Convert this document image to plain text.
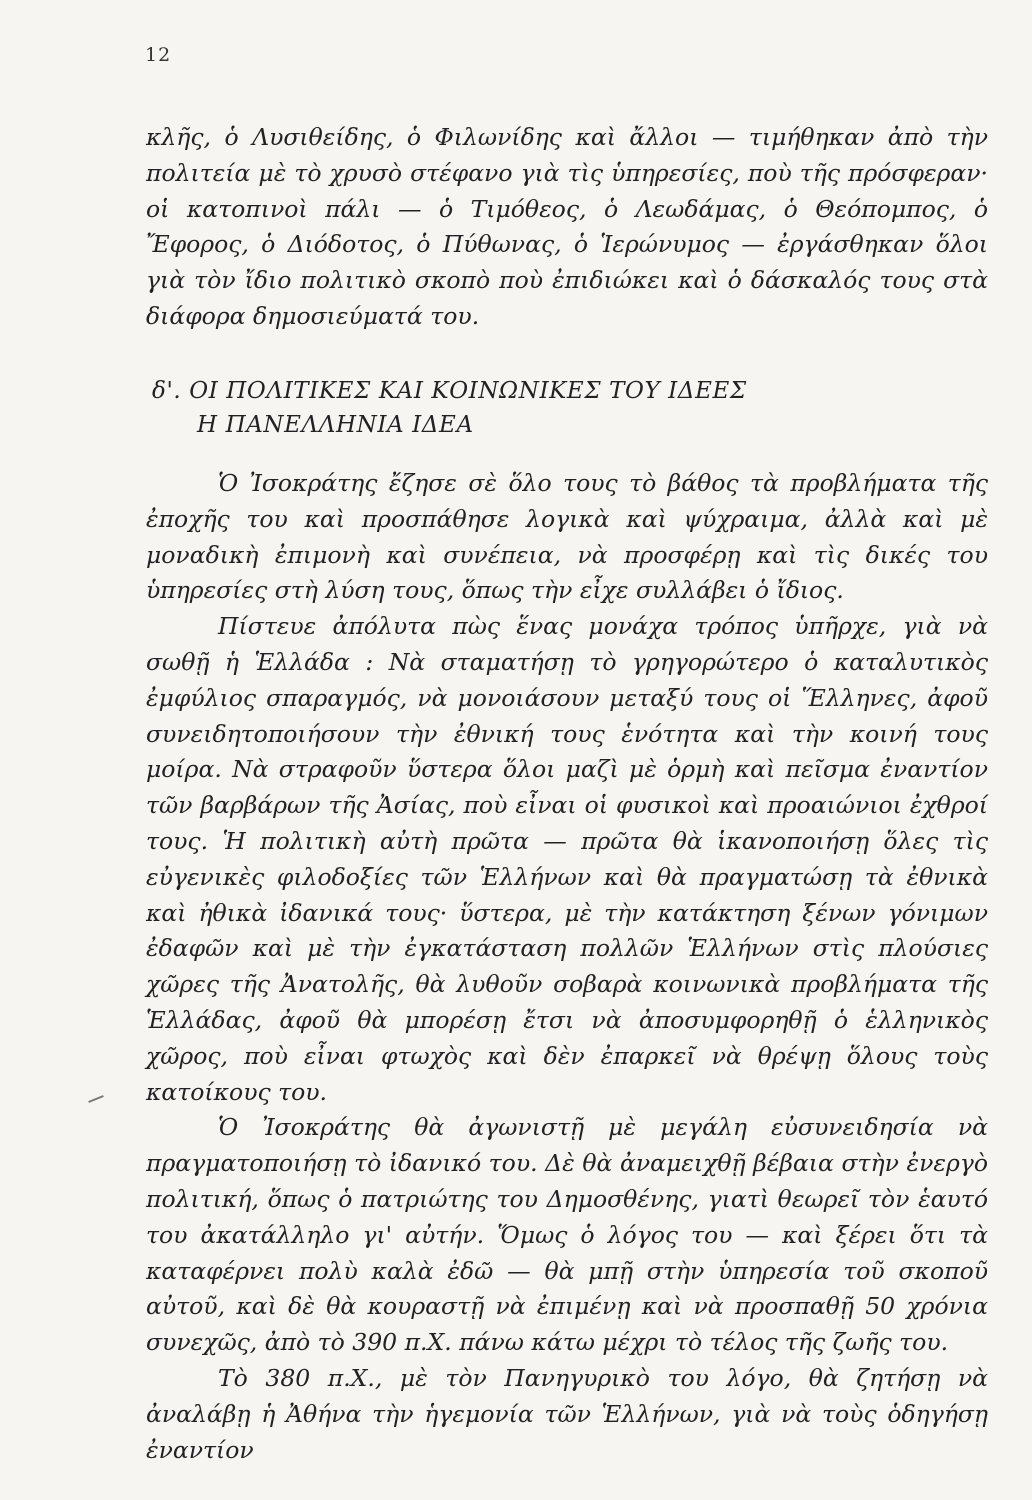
12

κλῆς, ὁ Λυσιθείδης, ὁ Φιλωνίδης καὶ ἄλλοι — τιμήθηκαν ἀπὸ τὴν πολιτεία μὲ τὸ χρυσὸ στέφανο γιὰ τὶς ὑπηρεσίες, ποὺ τῆς πρόσφεραν· οἱ κατοπινοὶ πάλι — ὁ Τιμόθεος, ὁ Λεωδάμας, ὁ Θεόπομπος, ὁ Ἔφορος, ὁ Διόδοτος, ὁ Πύθωνας, ὁ Ἱερώνυμος — ἐργάσθηκαν ὅλοι γιὰ τὸν ἴδιο πολιτικὸ σκοπὸ ποὺ ἐπιδιώκει καὶ ὁ δάσκαλός τους στὰ διάφορα δημοσιεύματά του.

δ'. ΟΙ ΠΟΛΙΤΙΚΕΣ ΚΑΙ ΚΟΙΝΩΝΙΚΕΣ ΤΟΥ ΙΔΕΕΣ
Η ΠΑΝΕΛΛΗΝΙΑ ΙΔΕΑ

Ὁ Ἰσοκράτης ἔζησε σὲ ὅλο τους τὸ βάθος τὰ προβλήματα τῆς ἐποχῆς του καὶ προσπάθησε λογικὰ καὶ ψύχραιμα, ἀλλὰ καὶ μὲ μοναδικὴ ἐπιμονὴ καὶ συνέπεια, νὰ προσφέρῃ καὶ τὶς δικές του ὑπηρεσίες στὴ λύση τους, ὅπως τὴν εἶχε συλλάβει ὁ ἴδιος.

Πίστευε ἀπόλυτα πὼς ἕνας μονάχα τρόπος ὑπῆρχε, γιὰ νὰ σωθῇ ἡ Ἑλλάδα : Νὰ σταματήσῃ τὸ γρηγορώτερο ὁ καταλυτικὸς ἐμφύλιος σπαραγμός, νὰ μονοιάσουν μεταξύ τους οἱ Ἕλληνες, ἀφοῦ συνειδητοποιήσουν τὴν ἐθνική τους ἑνότητα καὶ τὴν κοινή τους μοίρα. Νὰ στραφοῦν ὕστερα ὅλοι μαζὶ μὲ ὁρμὴ καὶ πεῖσμα ἐναντίον τῶν βαρβάρων τῆς Ἀσίας, ποὺ εἶναι οἱ φυσικοὶ καὶ προαιώνιοι ἐχθροί τους. Ἡ πολιτικὴ αὐτὴ πρῶτα — πρῶτα θὰ ἱκανοποιήσῃ ὅλες τὶς εὐγενικὲς φιλοδοξίες τῶν Ἑλλήνων καὶ θὰ πραγματώσῃ τὰ ἐθνικὰ καὶ ἠθικὰ ἰδανικά τους· ὕστερα, μὲ τὴν κατάκτηση ξένων γόνιμων ἐδαφῶν καὶ μὲ τὴν ἐγκατάσταση πολλῶν Ἑλλήνων στὶς πλούσιες χῶρες τῆς Ἀνατολῆς, θὰ λυθοῦν σοβαρὰ κοινωνικὰ προβλήματα τῆς Ἑλλάδας, ἀφοῦ θὰ μπορέσῃ ἔτσι νὰ ἀποσυμφορηθῇ ὁ ἑλληνικὸς χῶρος, ποὺ εἶναι φτωχὸς καὶ δὲν ἐπαρκεῖ νὰ θρέψῃ ὅλους τοὺς κατοίκους του.

Ὁ Ἰσοκράτης θὰ ἀγωνιστῇ μὲ μεγάλη εὐσυνειδησία νὰ πραγματοποιήσῃ τὸ ἰδανικό του. Δὲ θὰ ἀναμειχθῇ βέβαια στὴν ἐνεργὸ πολιτική, ὅπως ὁ πατριώτης του Δημοσθένης, γιατὶ θεωρεῖ τὸν ἑαυτό του ἀκατάλληλο γι' αὐτήν. Ὅμως ὁ λόγος του — καὶ ξέρει ὅτι τὰ καταφέρνει πολὺ καλὰ ἐδῶ — θὰ μπῇ στὴν ὑπηρεσία τοῦ σκοποῦ αὐτοῦ, καὶ δὲ θὰ κουραστῇ νὰ ἐπιμένῃ καὶ νὰ προσπαθῇ 50 χρόνια συνεχῶς, ἀπὸ τὸ 390 π.Χ. πάνω κάτω μέχρι τὸ τέλος τῆς ζωῆς του.

Τὸ 380 π.Χ., μὲ τὸν Πανηγυρικὸ του λόγο, θὰ ζητήσῃ νὰ ἀναλάβῃ ἡ Ἀθήνα τὴν ἡγεμονία τῶν Ἑλλήνων, γιὰ νὰ τοὺς ὁδηγήσῃ ἐναντίον
